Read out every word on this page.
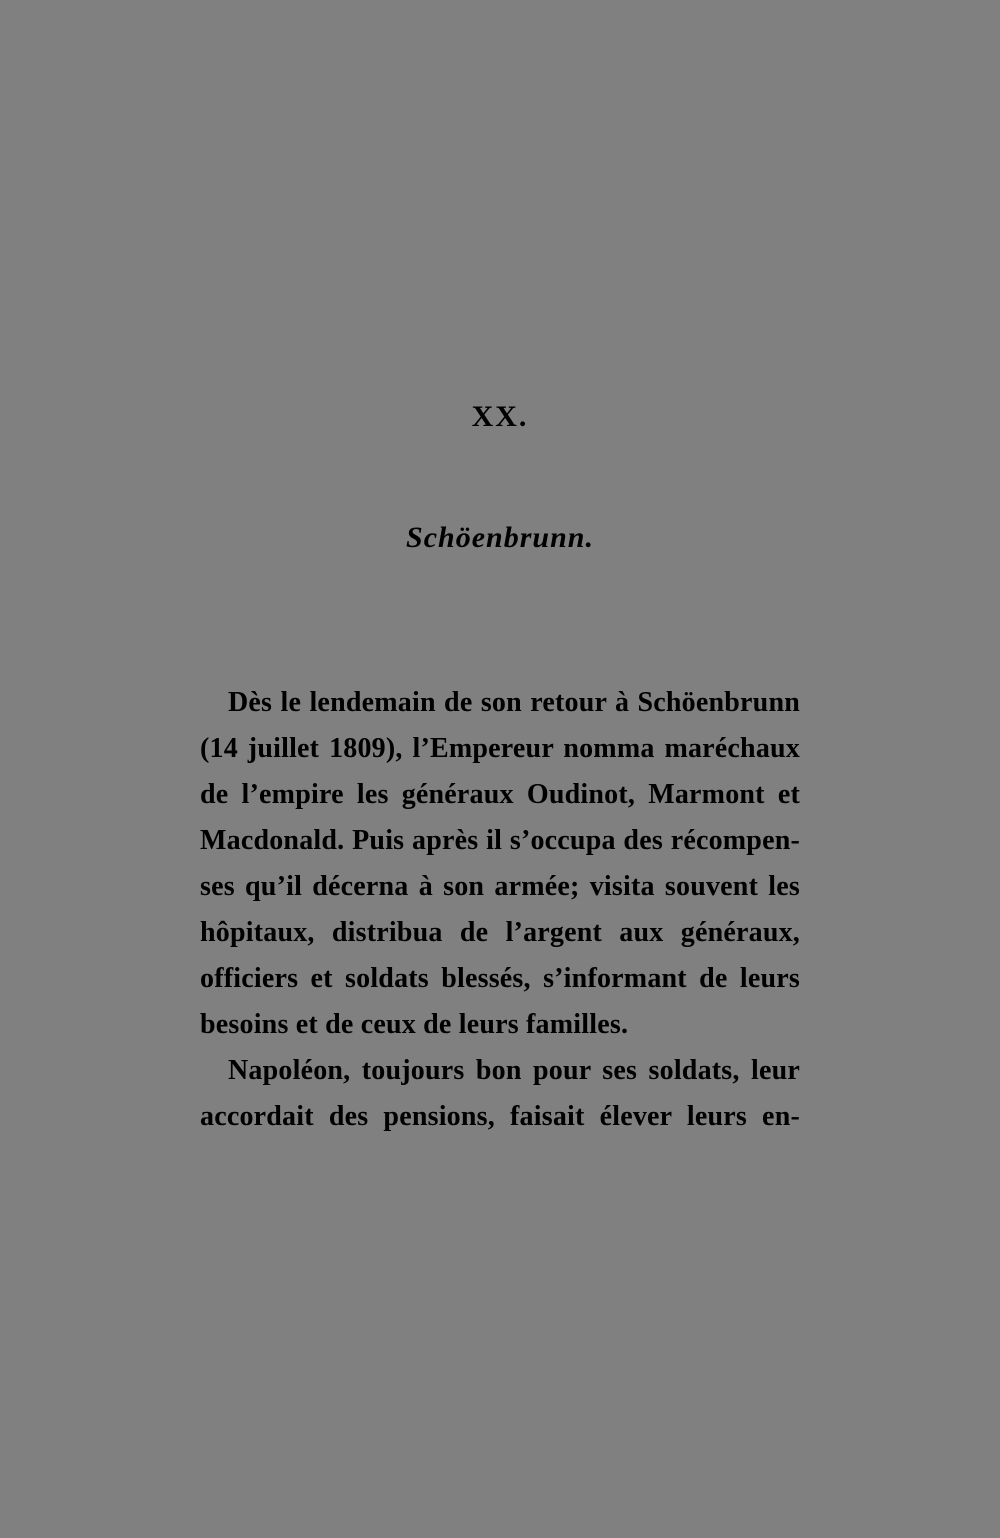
XX.
Schöenbrunn.
Dès le lendemain de son retour à Schöenbrunn
(14 juillet 1809), l’Empereur nomma maréchaux
de l’empire les généraux Oudinot, Marmont et
Macdonald. Puis après il s’occupa des récompen-
ses qu’il décerna à son armée; visita souvent les
hôpitaux, distribua de l’argent aux généraux,
officiers et soldats blessés, s’informant de leurs
besoins et de ceux de leurs familles.
Napoléon, toujours bon pour ses soldats, leur
accordait des pensions, faisait élever leurs en-
